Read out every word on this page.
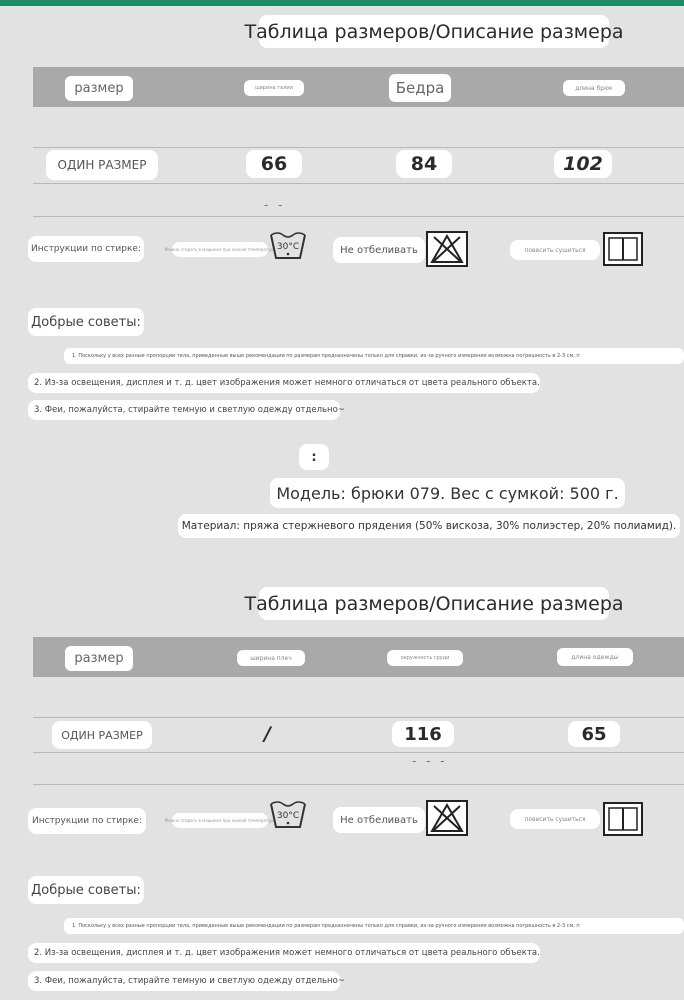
Таблица размеров/Описание размера
размер	ширина талии	Бедра	длина брюк
ОДИН РАЗМЕР	66	84	102
- -
Инструкции по стирке:	Можно стирать в машинке при низкой температуре 30°C	Не отбеливать	повесить сушиться
Добрые советы:
1. Поскольку у всех разные пропорции тела, приведенные выше рекомендации по размерам предназначены только для справки, из-за ручного измерения возможна погрешность в 2-3 см, п
2. Из-за освещения, дисплея и т. д. цвет изображения может немного отличаться от цвета реального объекта.
3. Феи, пожалуйста, стирайте темную и светлую одежду отдельно~
:
Модель: брюки 079. Вес с сумкой: 500 г.
Материал: пряжа стержневого прядения (50% вискоза, 30% полиэстер, 20% полиамид).
Таблица размеров/Описание размера
размер	ширина плеч	окружность груди	длина одежды
ОДИН РАЗМЕР	/	116	65
- - -
Инструкции по стирке:	Можно стирать в машинке при низкой температуре 30°C	Не отбеливать	повесить сушиться
Добрые советы:
1. Поскольку у всех разные пропорции тела, приведенные выше рекомендации по размерам предназначены только для справки, из-за ручного измерения возможна погрешность в 2-3 см, п
2. Из-за освещения, дисплея и т. д. цвет изображения может немного отличаться от цвета реального объекта.
3. Феи, пожалуйста, стирайте темную и светлую одежду отдельно~
